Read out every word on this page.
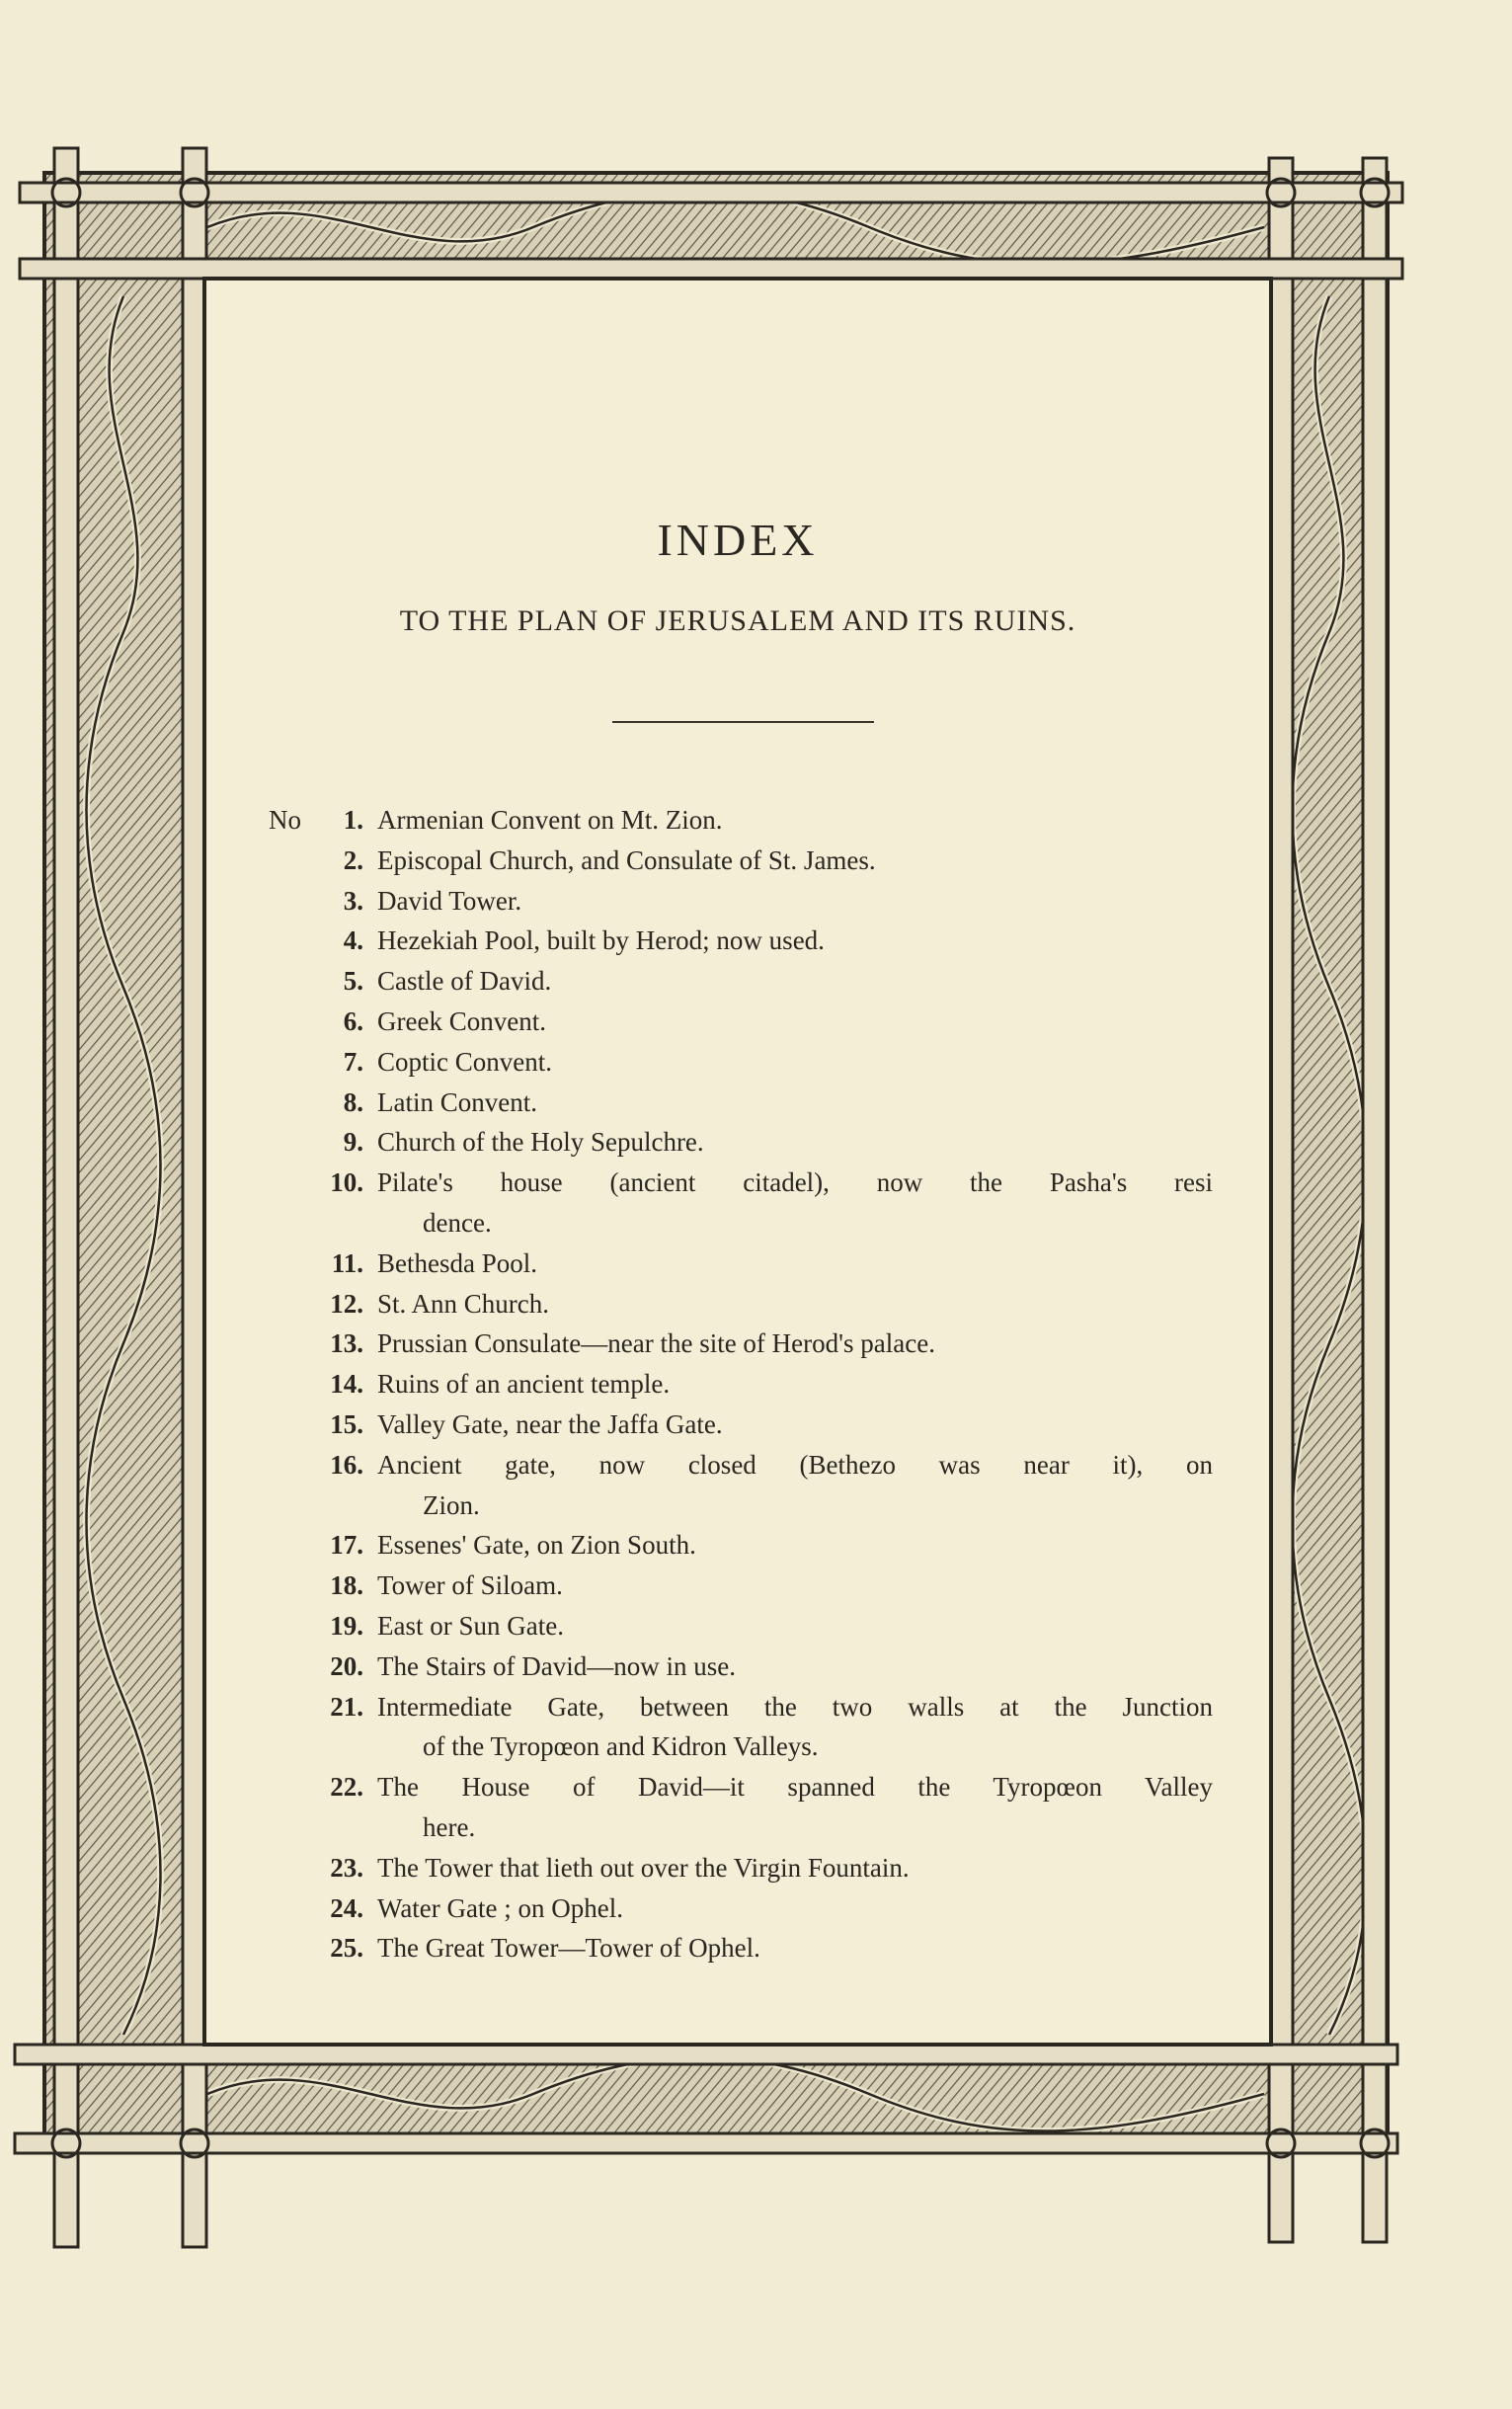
INDEX
TO THE PLAN OF JERUSALEM AND ITS RUINS.
No	1. Armenian Convent on Mt. Zion.
2. Episcopal Church, and Consulate of St. James.
3. David Tower.
4. Hezekiah Pool, built by Herod; now used.
5. Castle of David.
6. Greek Convent.
7. Coptic Convent.
8. Latin Convent.
9. Church of the Holy Sepulchre.
10. Pilate's house (ancient citadel), now the Pasha's resi
dence.
11. Bethesda Pool.
12. St. Ann Church.
13. Prussian Consulate—near the site of Herod's palace.
14. Ruins of an ancient temple.
15. Valley Gate, near the Jaffa Gate.
16. Ancient gate, now closed (Bethezo was near it), on
Zion.
17. Essenes' Gate, on Zion South.
18. Tower of Siloam.
19. East or Sun Gate.
20. The Stairs of David—now in use.
21. Intermediate Gate, between the two walls at the Junction
of the Tyropœon and Kidron Valleys.
22. The House of David—it spanned the Tyropœon Valley
here.
23. The Tower that lieth out over the Virgin Fountain.
24. Water Gate ; on Ophel.
25. The Great Tower—Tower of Ophel.
